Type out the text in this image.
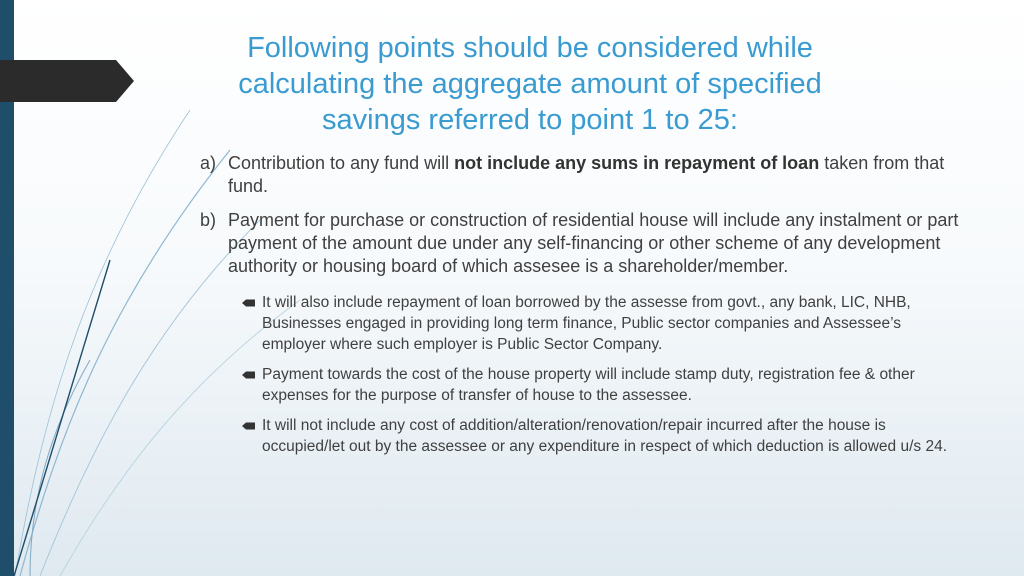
Following points should be considered while calculating the aggregate amount of specified savings referred to point 1 to 25:
a) Contribution to any fund will not include any sums in repayment of loan taken from that fund.
b) Payment for purchase or construction of residential house will include any instalment or part payment of the amount due under any self-financing or other scheme of any development authority or housing board of which assesee is a shareholder/member.
It will also include repayment of loan borrowed by the assesse from govt., any bank, LIC, NHB, Businesses engaged in providing long term finance, Public sector companies and Assessee’s employer where such employer is Public Sector Company.
Payment towards the cost of the house property will include stamp duty, registration fee & other expenses for the purpose of transfer of house to the assessee.
It will not include any cost of addition/alteration/renovation/repair incurred after the house is occupied/let out by the assessee or any expenditure in respect of which deduction is allowed u/s 24.
